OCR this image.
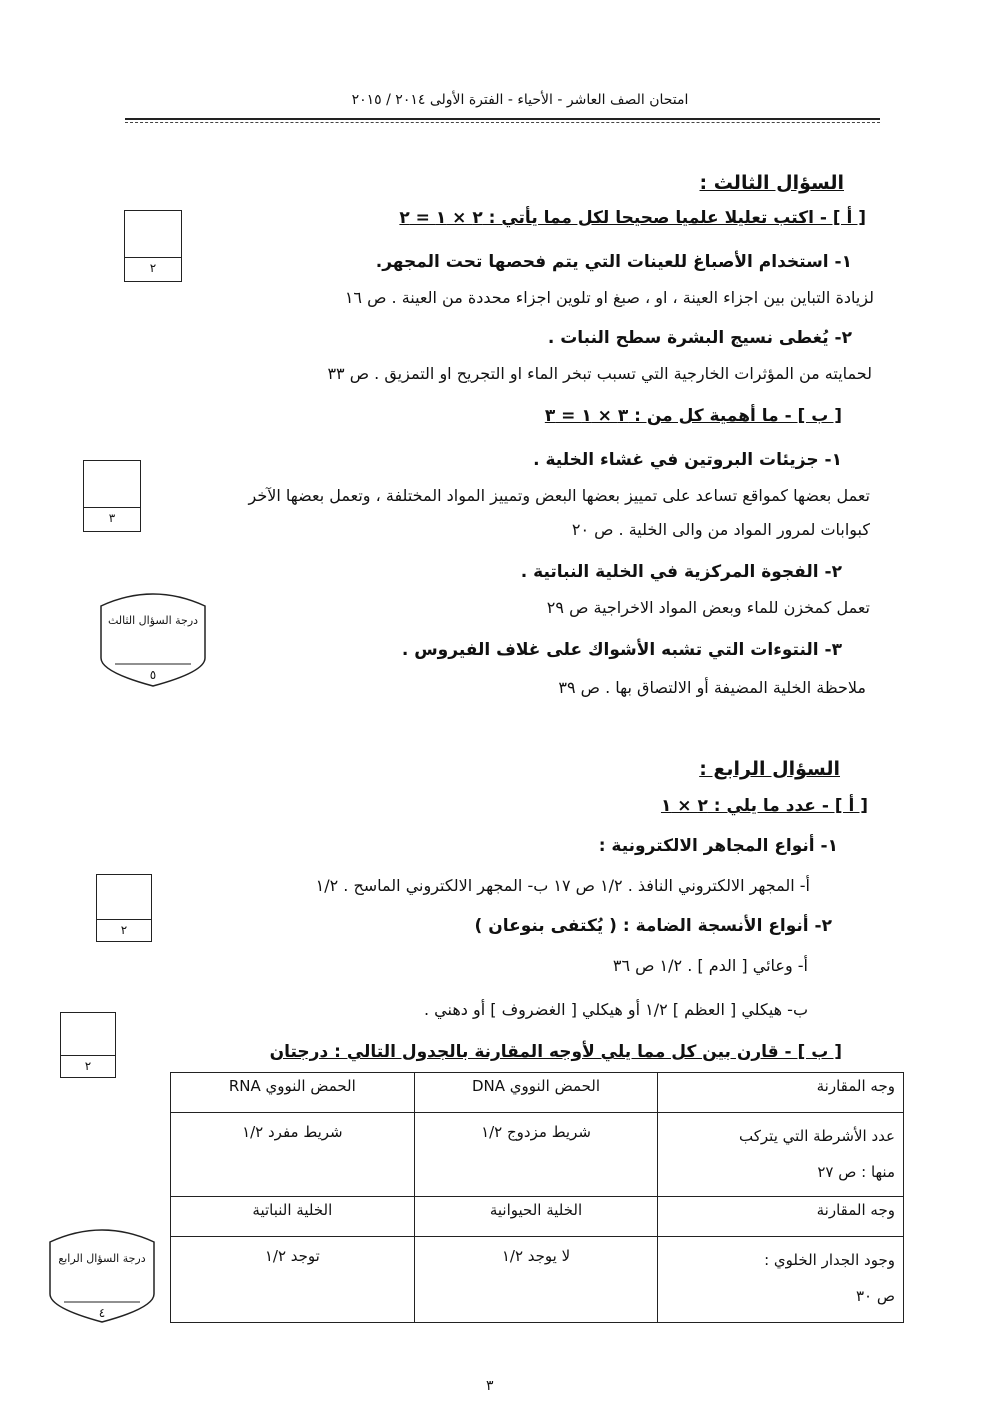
امتحان الصف العاشر - الأحياء - الفترة الأولى ٢٠١٤ / ٢٠١٥
السؤال الثالث :
[ أ ] - اكتب تعليلا علميا صحيحا لكل مما يأتي : ٢ × ١ = ٢
٢	١- استخدام الأصباغ للعينات التي يتم فحصها تحت المجهر.
لزيادة التباين بين اجزاء العينة ، او ، صبغ او تلوين اجزاء محددة من العينة . ص ١٦
٢- يُغطى نسيج البشرة سطح النبات .
لحمايته من المؤثرات الخارجية التي تسبب تبخر الماء او التجريح او التمزيق . ص ٣٣
[ ب ] - ما أهمية كل من : ٣ × ١ = ٣
٣
١- جزيئات البروتين في غشاء الخلية .
تعمل بعضها كمواقع تساعد على تمييز بعضها البعض وتمييز المواد المختلفة ، وتعمل بعضها الآخر
كبوابات لمرور المواد من والى الخلية . ص ٢٠
٢- الفجوة المركزية في الخلية النباتية .
تعمل كمخزن للماء وبعض المواد الاخراجية ص ٢٩
٣- النتوءات التي تشبه الأشواك على غلاف الفيروس .
ملاحظة الخلية المضيفة أو الالتصاق بها . ص ٣٩
درجة السؤال الثالث
٥
السؤال الرابع :
[ أ ] - عدد ما يلي : ٢ × ١
١- أنواع المجاهر الالكترونية :
أ- المجهر الالكتروني النافذ . ١/٢ ص ١٧ ب- المجهر الالكتروني الماسح . ١/٢
٢	٢- أنواع الأنسجة الضامة : ( يُكتفى بنوعان )
أ- وعائي [ الدم ] . ١/٢ ص ٣٦
ب- هيكلي [ العظم ] ١/٢ أو هيكلي [ الغضروف ] أو دهني .
٢
[ ب ] - قارن بين كل مما يلي لأوجه المقارنة بالجدول التالي : درجتان
وجه المقارنة	الحمض النووي DNA	الحمض النووي RNA

عدد الأشرطة التي يتركب
منها : ص ٢٧	شريط مزدوج ١/٢	شريط مفرد ١/٢

وجه المقارنة	الخلية الحيوانية	الخلية النباتية

وجود الجدار الخلوي :
ص ٣٠	لا يوجد ١/٢	توجد ١/٢
درجة السؤال الرابع
٤
٣
